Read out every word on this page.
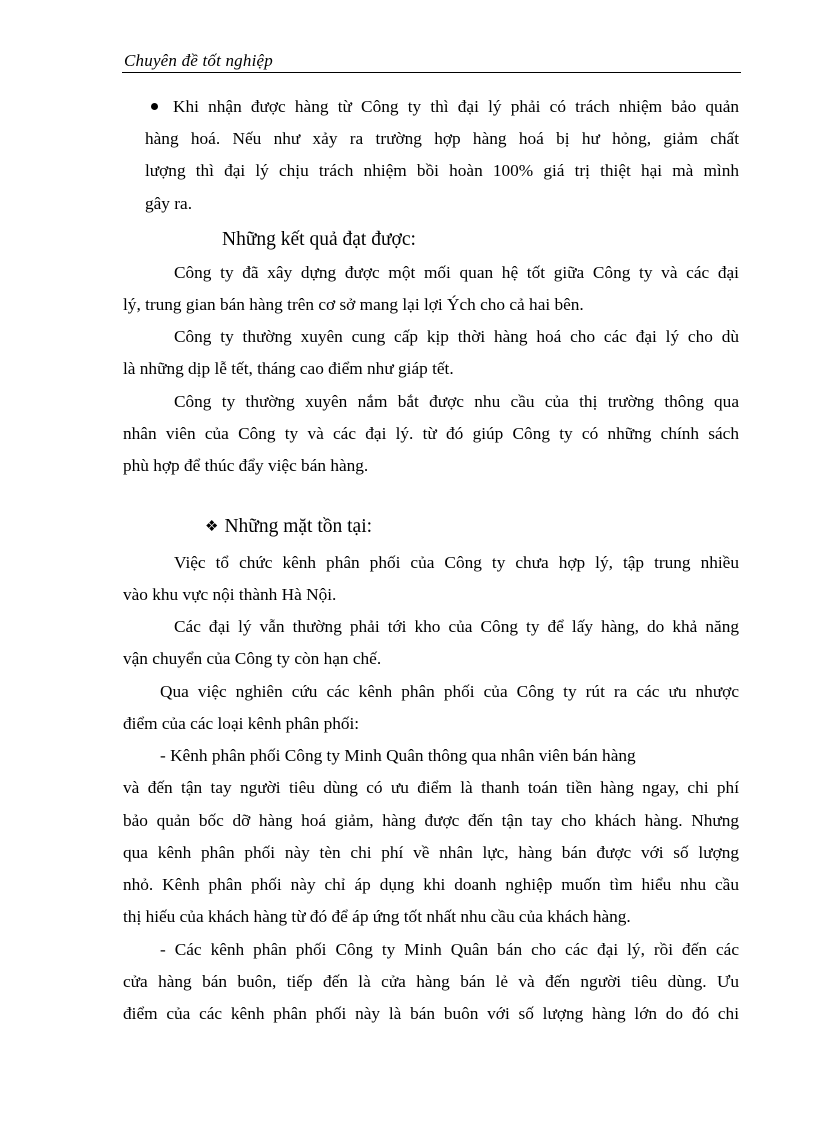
Chuyên đề tốt nghiệp
Khi nhận được hàng từ Công ty thì đại lý phải có trách nhiệm bảo quản
hàng hoá. Nếu như xảy ra trường hợp hàng hoá bị hư hỏng, giảm chất
lượng thì đại lý chịu trách nhiệm bồi hoàn 100% giá trị thiệt hại mà mình
gây ra.
Những kết quả đạt được:
Công ty đã xây dựng được một mối quan hệ tốt giữa Công ty và các đại
lý, trung gian bán hàng trên cơ sở mang lại lợi Ých cho cả hai bên.
Công ty thường xuyên cung cấp kịp thời hàng hoá cho các đại lý cho dù
là những dịp lễ tết, tháng cao điểm như giáp tết.
Công ty thường xuyên nắm bắt được nhu cầu của thị trường thông qua
nhân viên của Công ty và các đại lý. từ đó giúp Công ty có những chính sách
phù hợp để thúc đẩy việc bán hàng.
❖ Những mặt tồn tại:
Việc tổ chức kênh phân phối của Công ty chưa hợp lý, tập trung nhiều
vào khu vực nội thành Hà Nội.
Các đại lý vẫn thường phải tới kho của Công ty để lấy hàng, do khả năng
vận chuyển của Công ty còn hạn chế.
Qua việc nghiên cứu các kênh phân phối của Công ty rút ra các ưu nhược
điểm của các loại kênh phân phối:
- Kênh phân phối Công ty Minh Quân thông qua nhân viên bán hàng
và đến tận tay người tiêu dùng có ưu điểm là thanh toán tiền hàng ngay, chi phí
bảo quản bốc dỡ hàng hoá giảm, hàng được đến tận tay cho khách hàng. Nhưng
qua kênh phân phối này tèn chi phí về nhân lực, hàng bán được với số lượng
nhỏ. Kênh phân phối này chỉ áp dụng khi doanh nghiệp muốn tìm hiểu nhu cầu
thị hiếu của khách hàng từ đó để áp ứng tốt nhất nhu cầu của khách hàng.
- Các kênh phân phối Công ty Minh Quân bán cho các đại lý, rồi đến các
cửa hàng bán buôn, tiếp đến là cửa hàng bán lẻ và đến người tiêu dùng. Ưu
điểm của các kênh phân phối này là bán buôn với số lượng hàng lớn do đó chi
